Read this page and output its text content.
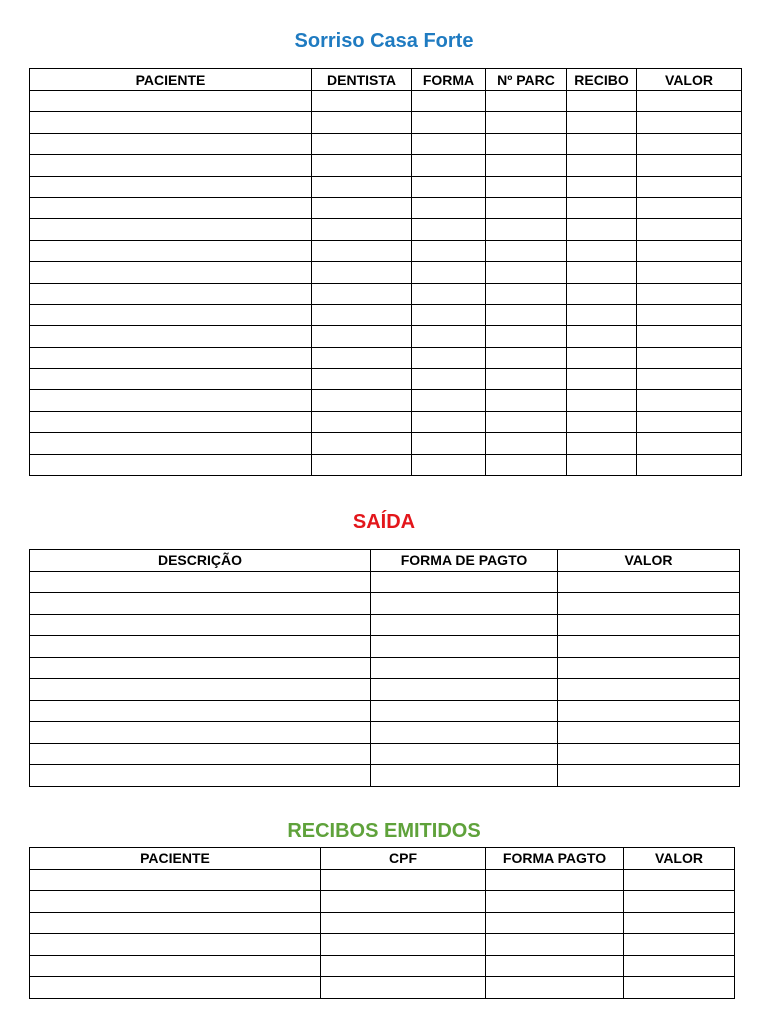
Sorriso Casa Forte
PACIENTE	DENTISTA	FORMA	Nº PARC	RECIBO	VALOR

SAÍDA
DESCRIÇÃO	FORMA DE PAGTO	VALOR

RECIBOS EMITIDOS
PACIENTE	CPF	FORMA PAGTO	VALOR
